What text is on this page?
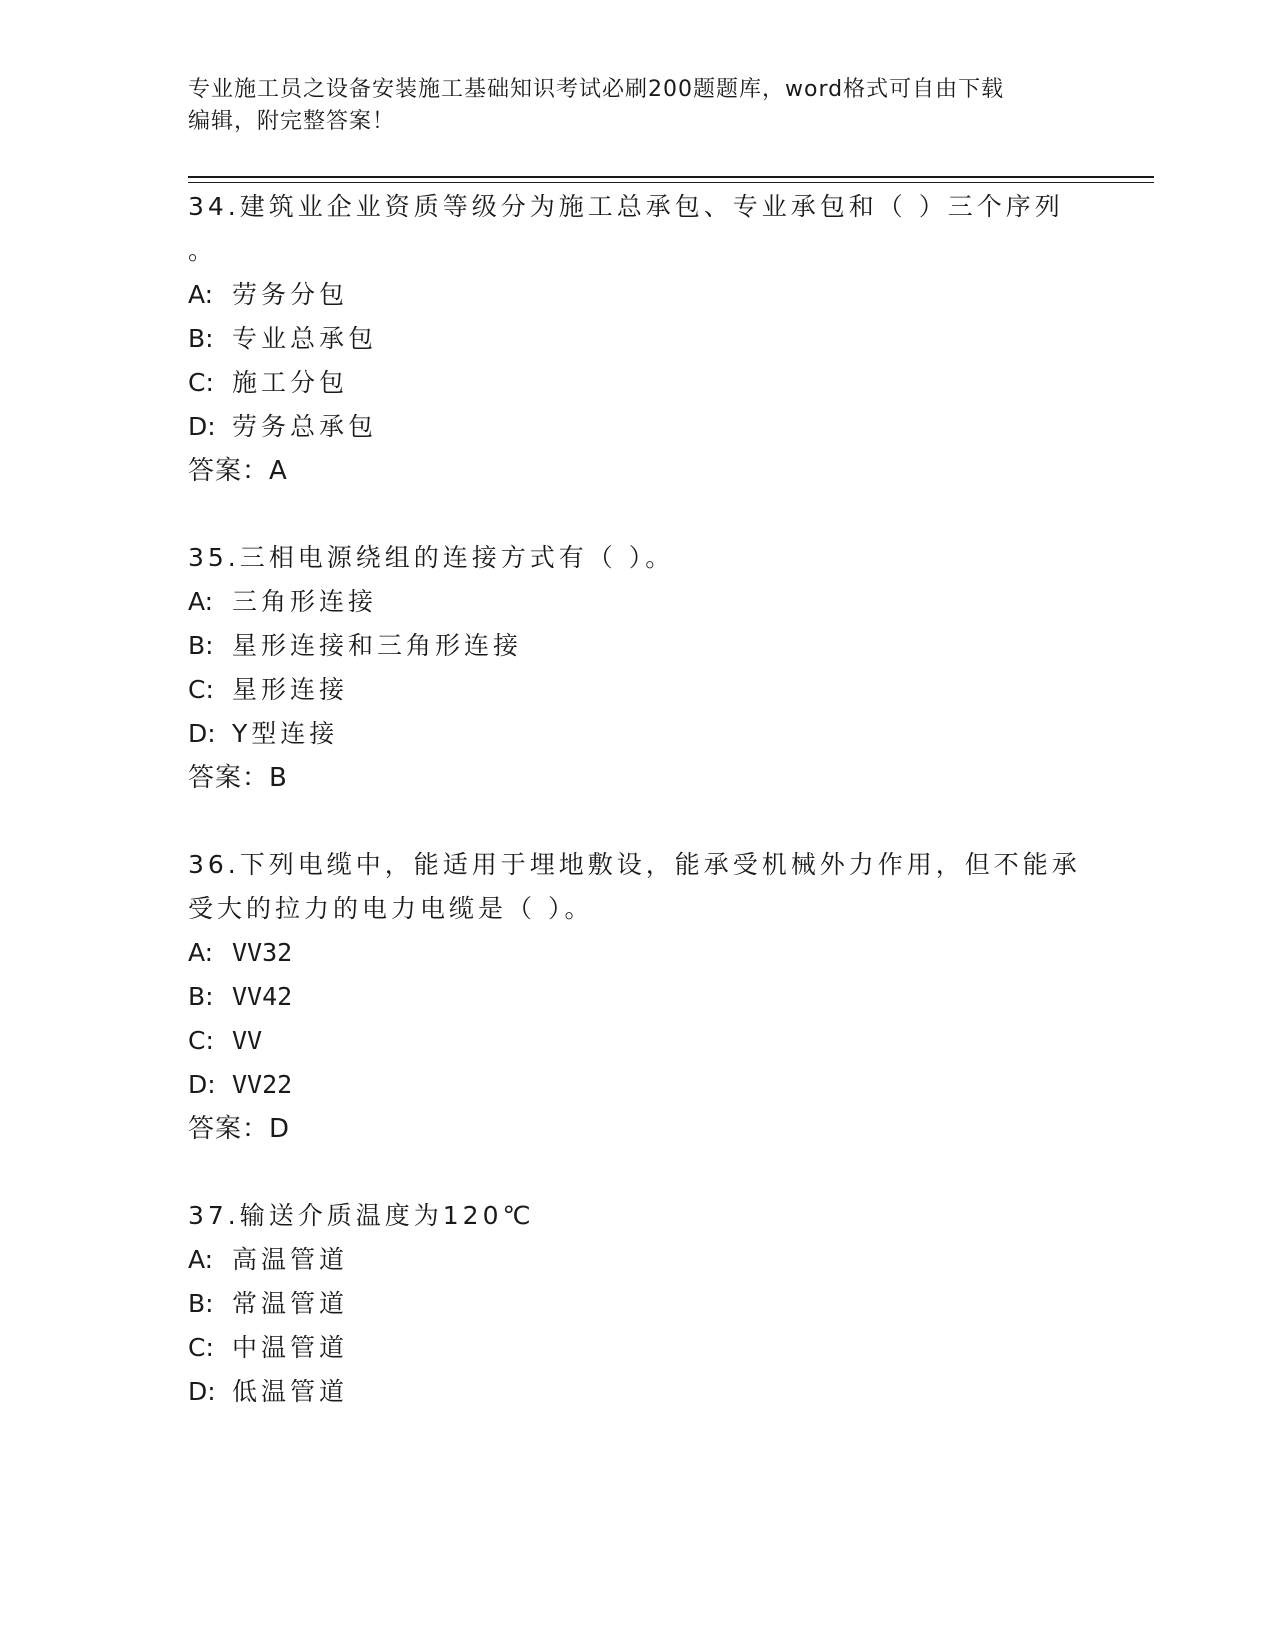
专业施工员之设备安装施工基础知识考试必刷200题题库，word格式可自由下载
编辑，附完整答案！
34.建筑业企业资质等级分为施工总承包、专业承包和（ ）三个序列
。
A: 劳务分包
B: 专业总承包
C: 施工分包
D: 劳务总承包
答案：A
35.三相电源绕组的连接方式有（ ）。
A: 三角形连接
B: 星形连接和三角形连接
C: 星形连接
D: Y型连接
答案：B
36.下列电缆中，能适用于埋地敷设，能承受机械外力作用，但不能承
受大的拉力的电力电缆是（ ）。
A: VV32
B: VV42
C: VV
D: VV22
答案：D
37.输送介质温度为120℃
A: 高温管道
B: 常温管道
C: 中温管道
D: 低温管道
